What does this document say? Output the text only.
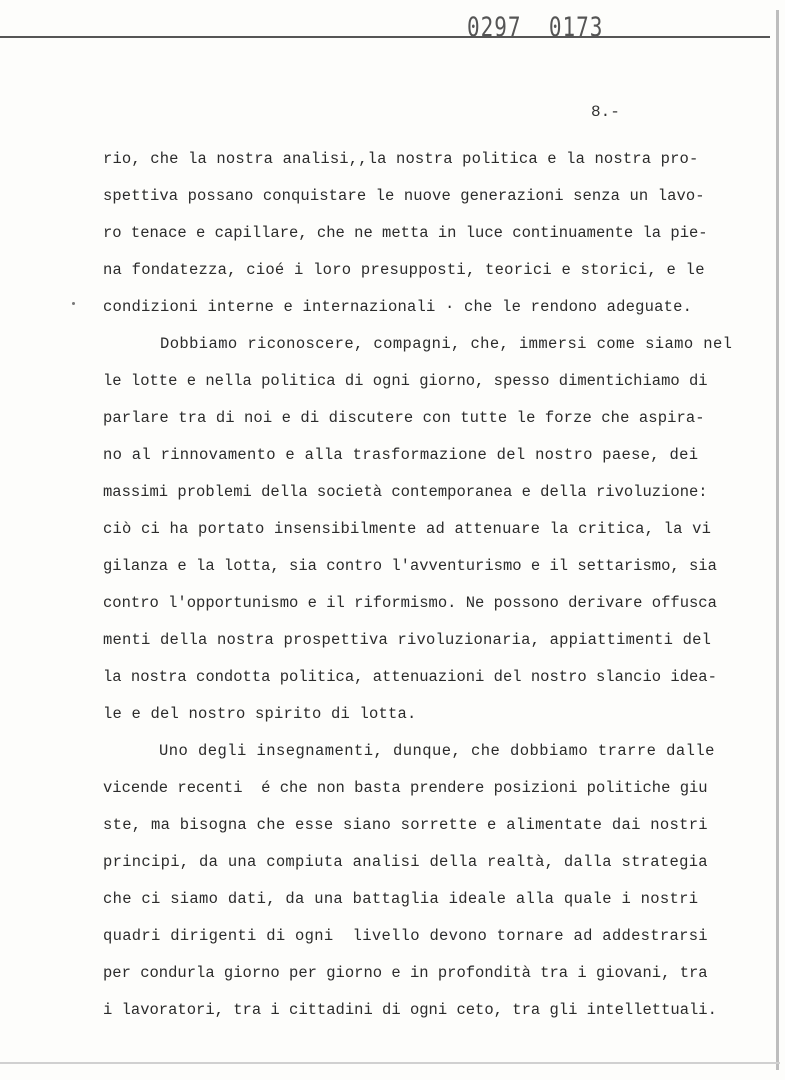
0297  0173
8.-
rio, che la nostra analisi,,la nostra politica e la nostra pro-
spettiva possano conquistare le nuove generazioni senza un lavo-
ro tenace e capillare, che ne metta in luce continuamente la pie-
na fondatezza, cioé i loro presupposti, teorici e storici, e le
condizioni interne e internazionali · che le rendono adeguate.
Dobbiamo riconoscere, compagni, che, immersi come siamo nel
le lotte e nella politica di ogni giorno, spesso dimentichiamo di
parlare tra di noi e di discutere con tutte le forze che aspira-
no al rinnovamento e alla trasformazione del nostro paese, dei
massimi problemi della società contemporanea e della rivoluzione:
ciò ci ha portato insensibilmente ad attenuare la critica, la vi
gilanza e la lotta, sia contro l'avventurismo e il settarismo, sia
contro l'opportunismo e il riformismo. Ne possono derivare offusca
menti della nostra prospettiva rivoluzionaria, appiattimenti del
la nostra condotta politica, attenuazioni del nostro slancio idea-
le e del nostro spirito di lotta.
Uno degli insegnamenti, dunque, che dobbiamo trarre dalle
vicende recenti  é che non basta prendere posizioni politiche giu
ste, ma bisogna che esse siano sorrette e alimentate dai nostri
principi, da una compiuta analisi della realtà, dalla strategia
che ci siamo dati, da una battaglia ideale alla quale i nostri
quadri dirigenti di ogni  livello devono tornare ad addestrarsi
per condurla giorno per giorno e in profondità tra i giovani, tra
i lavoratori, tra i cittadini di ogni ceto, tra gli intellettuali.
